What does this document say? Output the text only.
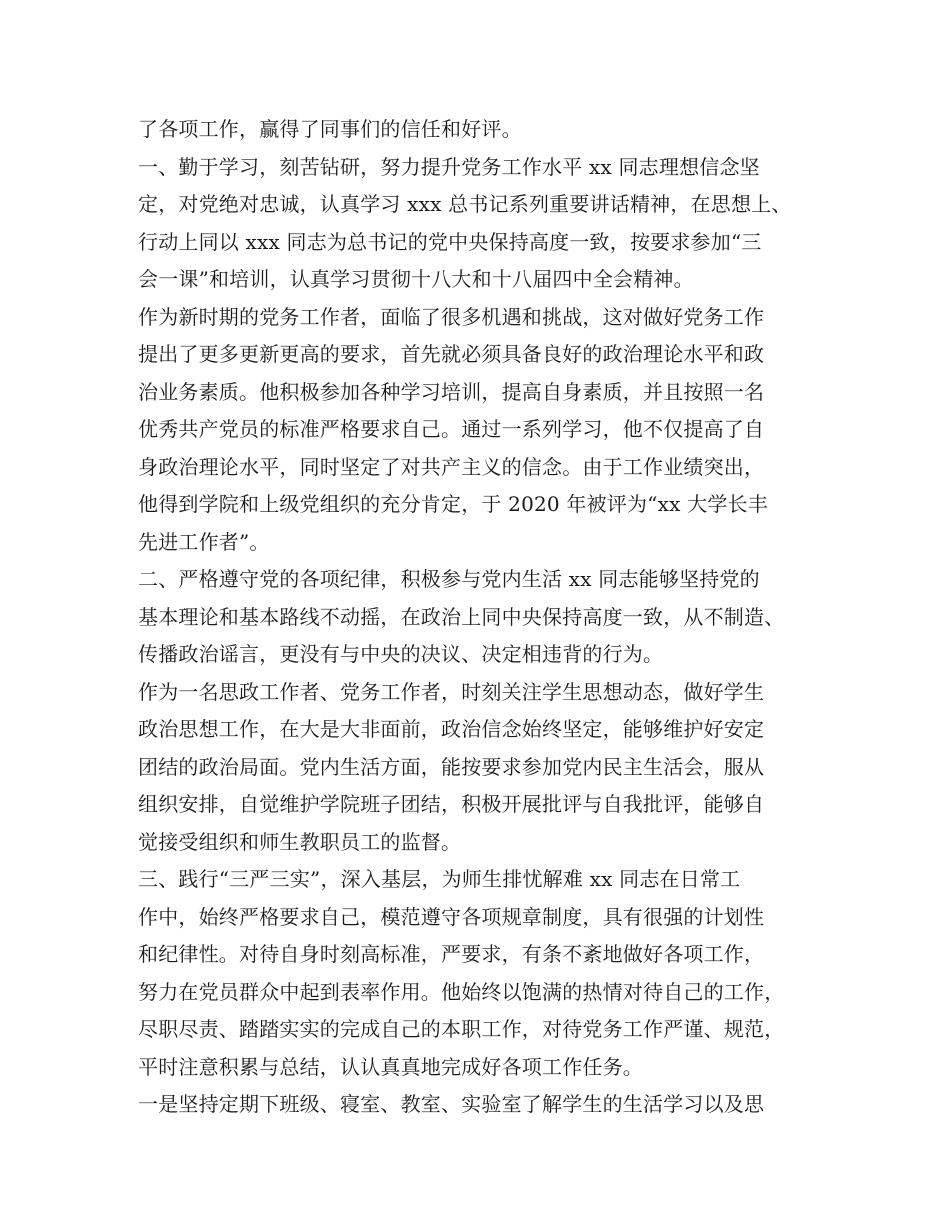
了各项工作，赢得了同事们的信任和好评。
一、勤于学习，刻苦钻研，努力提升党务工作水平 xx 同志理想信念坚
定，对党绝对忠诚，认真学习 xxx 总书记系列重要讲话精神，在思想上、
行动上同以 xxx 同志为总书记的党中央保持高度一致，按要求参加“三
会一课”和培训，认真学习贯彻十八大和十八届四中全会精神。
作为新时期的党务工作者，面临了很多机遇和挑战，这对做好党务工作
提出了更多更新更高的要求，首先就必须具备良好的政治理论水平和政
治业务素质。他积极参加各种学习培训，提高自身素质，并且按照一名
优秀共产党员的标准严格要求自己。通过一系列学习，他不仅提高了自
身政治理论水平，同时坚定了对共产主义的信念。由于工作业绩突出，
他得到学院和上级党组织的充分肯定，于 2020 年被评为“xx 大学长丰
先进工作者”。
二、严格遵守党的各项纪律，积极参与党内生活 xx 同志能够坚持党的
基本理论和基本路线不动摇，在政治上同中央保持高度一致，从不制造、
传播政治谣言，更没有与中央的决议、决定相违背的行为。
作为一名思政工作者、党务工作者，时刻关注学生思想动态，做好学生
政治思想工作，在大是大非面前，政治信念始终坚定，能够维护好安定
团结的政治局面。党内生活方面，能按要求参加党内民主生活会，服从
组织安排，自觉维护学院班子团结，积极开展批评与自我批评，能够自
觉接受组织和师生教职员工的监督。
三、践行“三严三实”，深入基层，为师生排忧解难 xx 同志在日常工
作中，始终严格要求自己，模范遵守各项规章制度，具有很强的计划性
和纪律性。对待自身时刻高标准，严要求，有条不紊地做好各项工作，
努力在党员群众中起到表率作用。他始终以饱满的热情对待自己的工作，
尽职尽责、踏踏实实的完成自己的本职工作，对待党务工作严谨、规范，
平时注意积累与总结，认认真真地完成好各项工作任务。
一是坚持定期下班级、寝室、教室、实验室了解学生的生活学习以及思
